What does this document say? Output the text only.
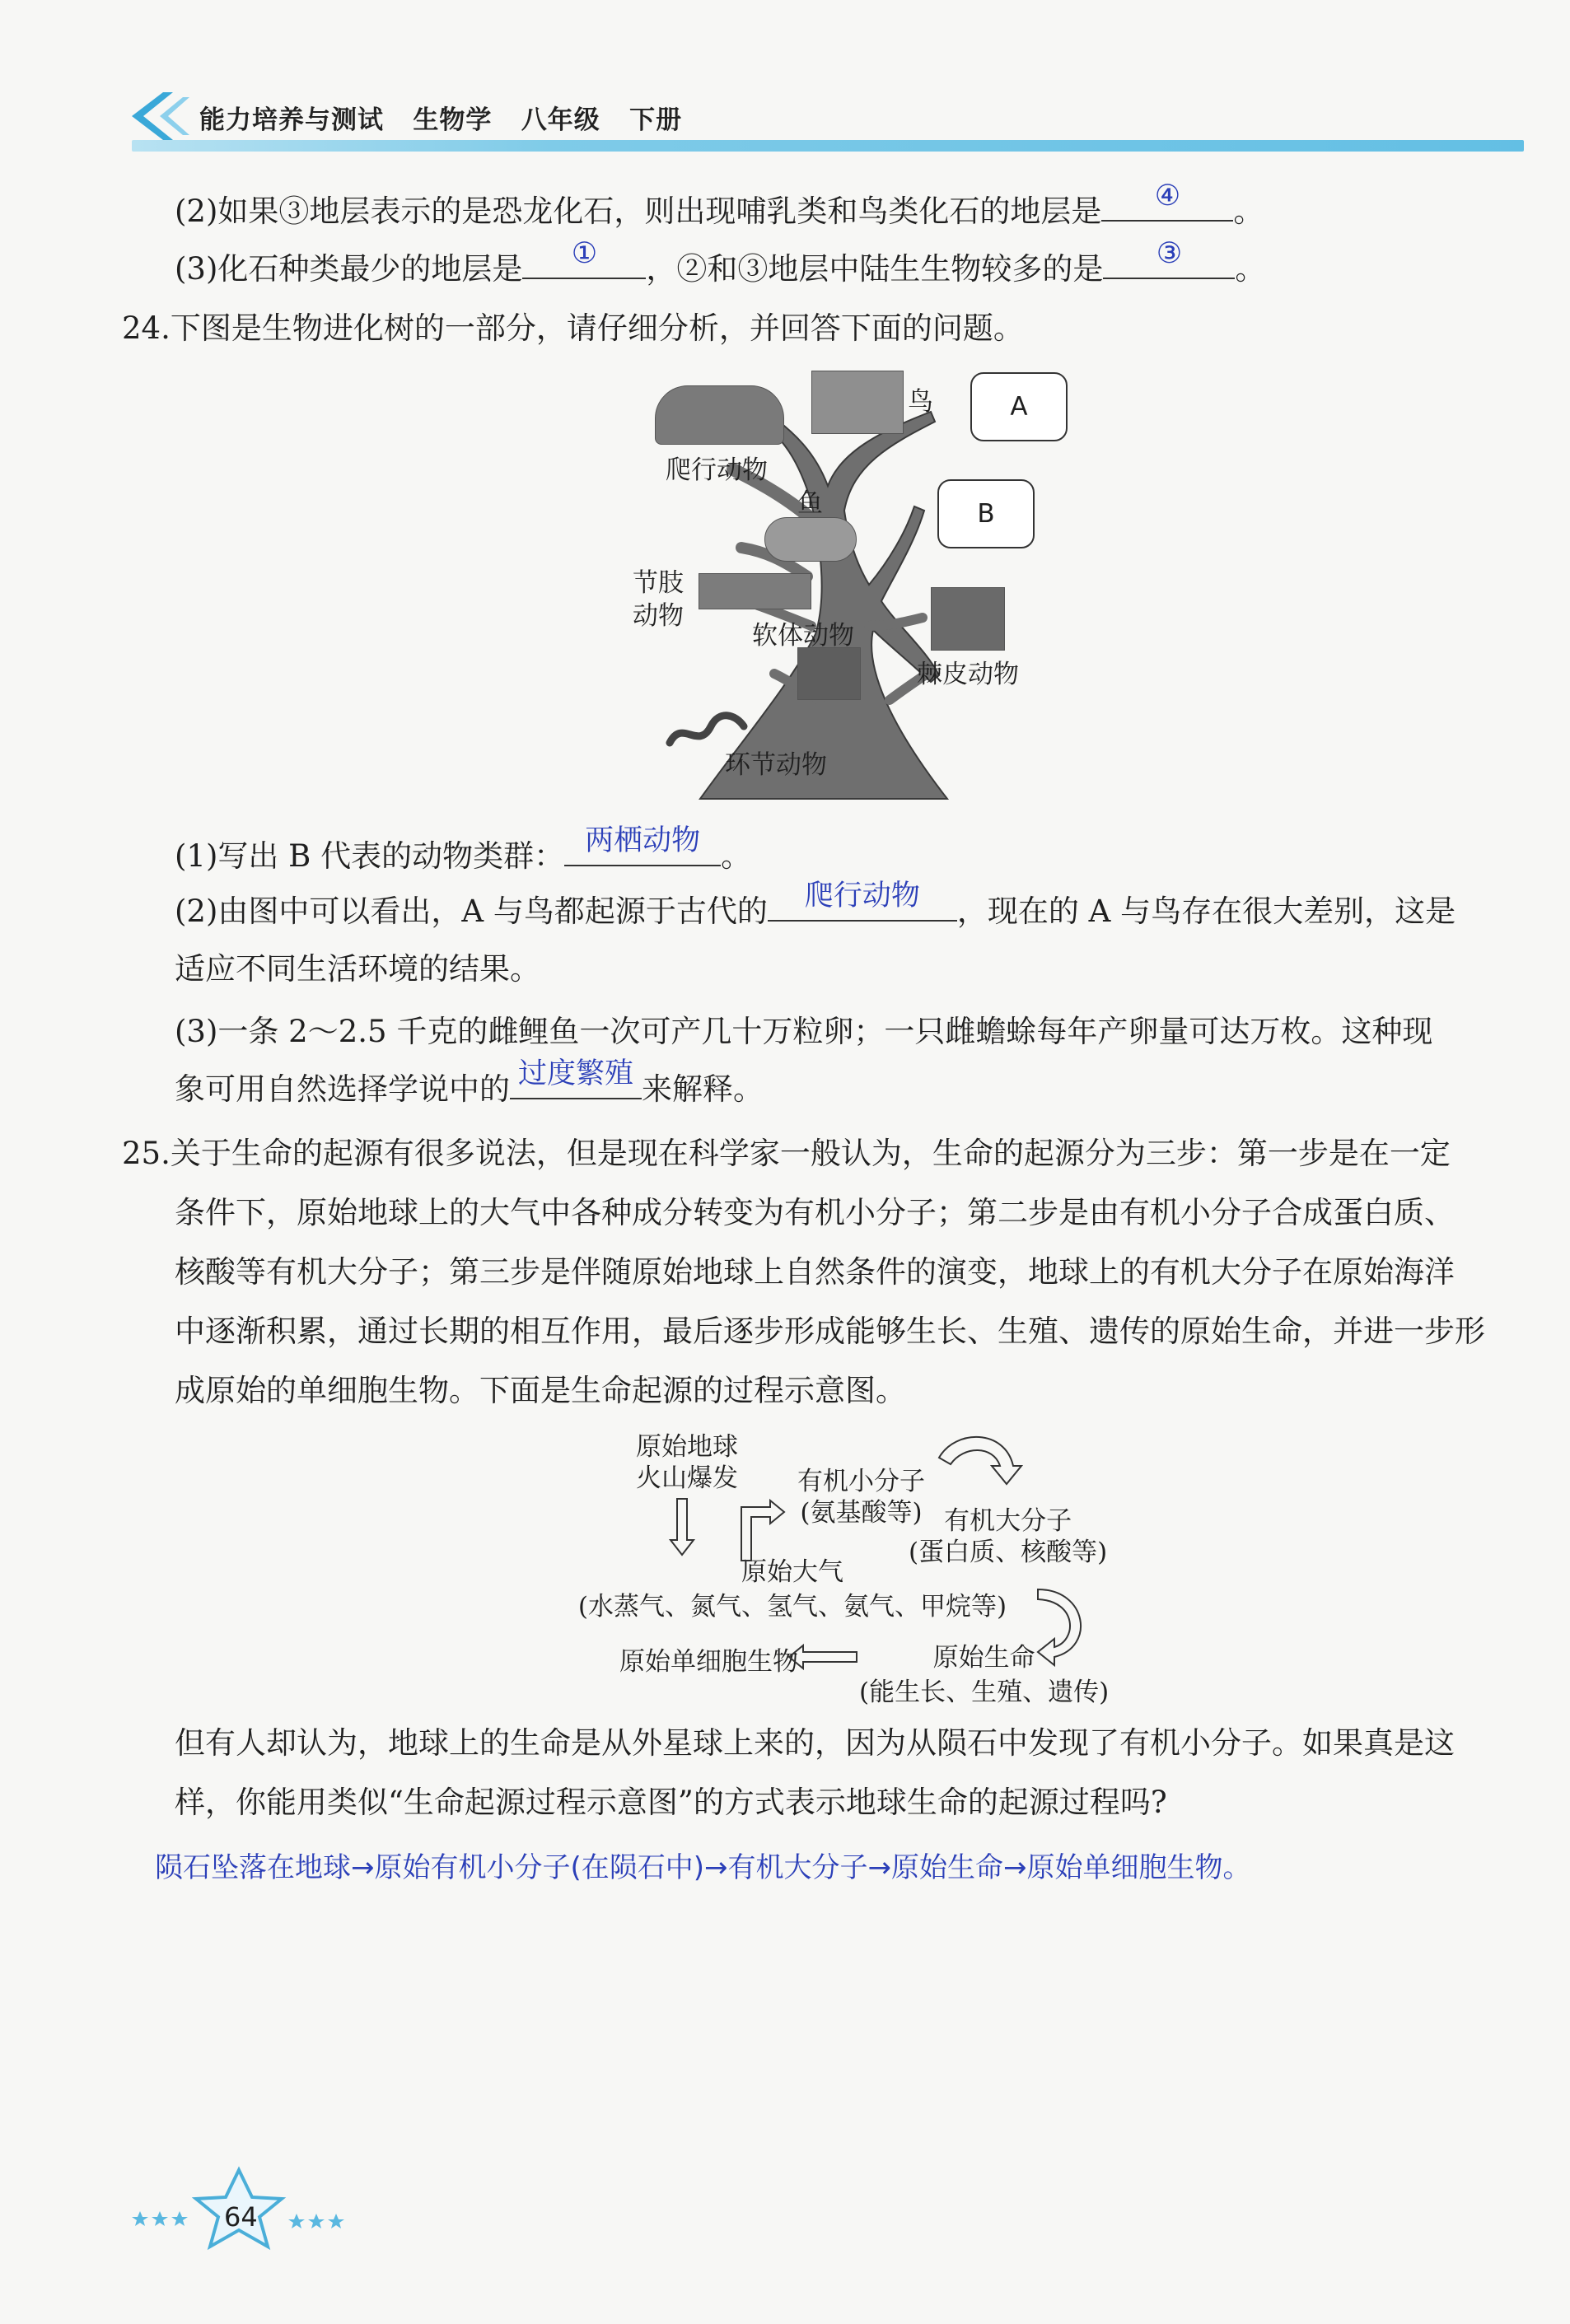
能力培养与测试 生物学 八年级 下册
(2)如果③地层表示的是恐龙化石，则出现哺乳类和鸟类化石的地层是	④	。
(3)化石种类最少的地层是	①	，②和③地层中陆生生物较多的是	③	。
24.下图是生物进化树的一部分，请仔细分析，并回答下面的问题。
爬行动物
鸟	A
鱼	B
节肢
动物
软体动物
棘皮动物
环节动物
(1)写出 B 代表的动物类群： 两栖动物 。
(2)由图中可以看出，A 与鸟都起源于古代的	爬行动物	，现在的 A 与鸟存在很大差别，这是
适应不同生活环境的结果。
(3)一条 2～2.5 千克的雌鲤鱼一次可产几十万粒卵；一只雌蟾蜍每年产卵量可达万枚。这种现
象可用自然选择学说中的 过度繁殖 来解释。
25.关于生命的起源有很多说法，但是现在科学家一般认为，生命的起源分为三步：第一步是在一定
条件下，原始地球上的大气中各种成分转变为有机小分子；第二步是由有机小分子合成蛋白质、
核酸等有机大分子；第三步是伴随原始地球上自然条件的演变，地球上的有机大分子在原始海洋
中逐渐积累，通过长期的相互作用，最后逐步形成能够生长、生殖、遗传的原始生命，并进一步形
成原始的单细胞生物。下面是生命起源的过程示意图。
原始地球
火山爆发 有机小分子
(氨基酸等) 有机大分子
(蛋白质、核酸等)
原始大气
(水蒸气、氮气、氢气、氨气、甲烷等)
原始单细胞生物	原始生命
(能生长、生殖、遗传)
但有人却认为，地球上的生命是从外星球上来的，因为从陨石中发现了有机小分子。如果真是这
样，你能用类似“生命起源过程示意图”的方式表示地球生命的起源过程吗?
陨石坠落在地球→原始有机小分子(在陨石中)→有机大分子→原始生命→原始单细胞生物。
64
